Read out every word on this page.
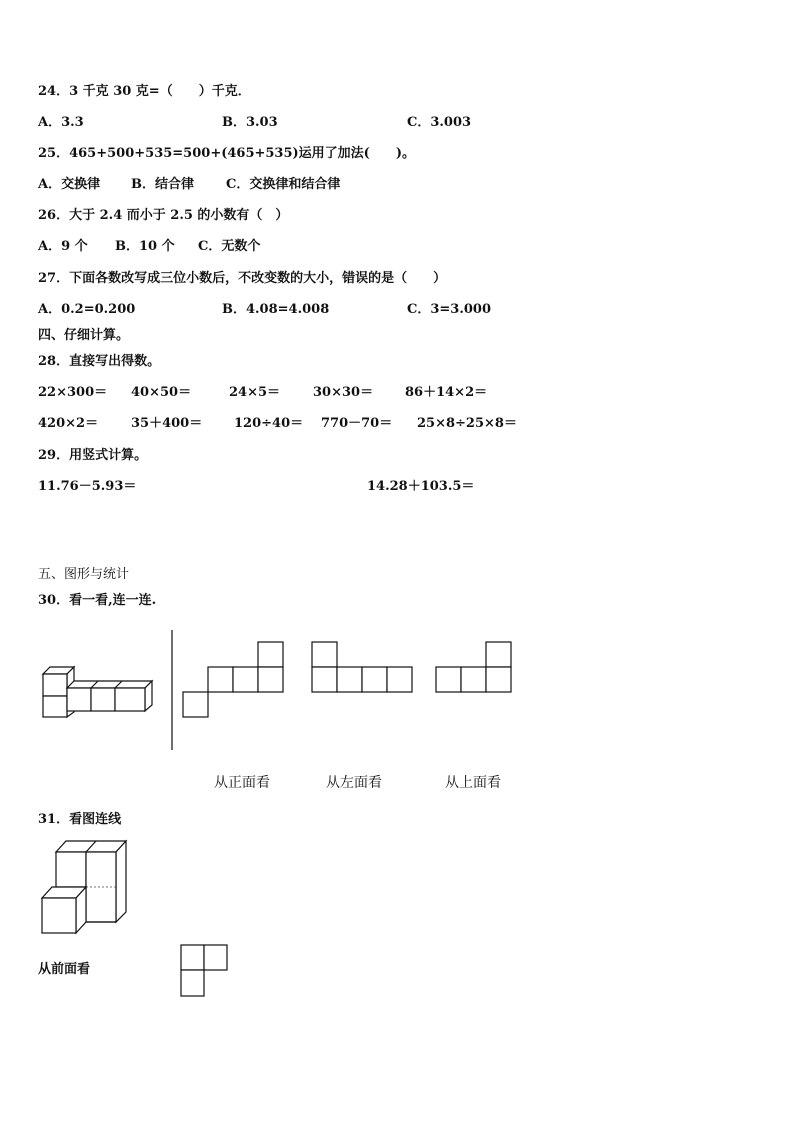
24．3 千克 30 克=（　　）千克．
A．3.3	B．3.03	C．3.003
25．465+500+535=500+(465+535)运用了加法(　　)。
A．交换律 B．结合律 C．交换律和结合律
26．大于 2.4 而小于 2.5 的小数有（　）
A．9 个 B．10 个 C．无数个
27．下面各数改写成三位小数后，不改变数的大小，错误的是（　　）
A．0.2=0.200	B．4.08=4.008	C．3=3.000
四、仔细计算。
28．直接写出得数。
22×300＝ 40×50＝	24×5＝	30×30＝ 86＋14×2＝
420×2＝	35＋400＝ 120÷40＝ 770－70＝ 25×8÷25×8＝
29．用竖式计算。
11.76－5.93＝	14.28＋103.5＝
五、图形与统计
30．看一看,连一连.
从正面看	从左面看	从上面看
31．看图连线
从前面看
